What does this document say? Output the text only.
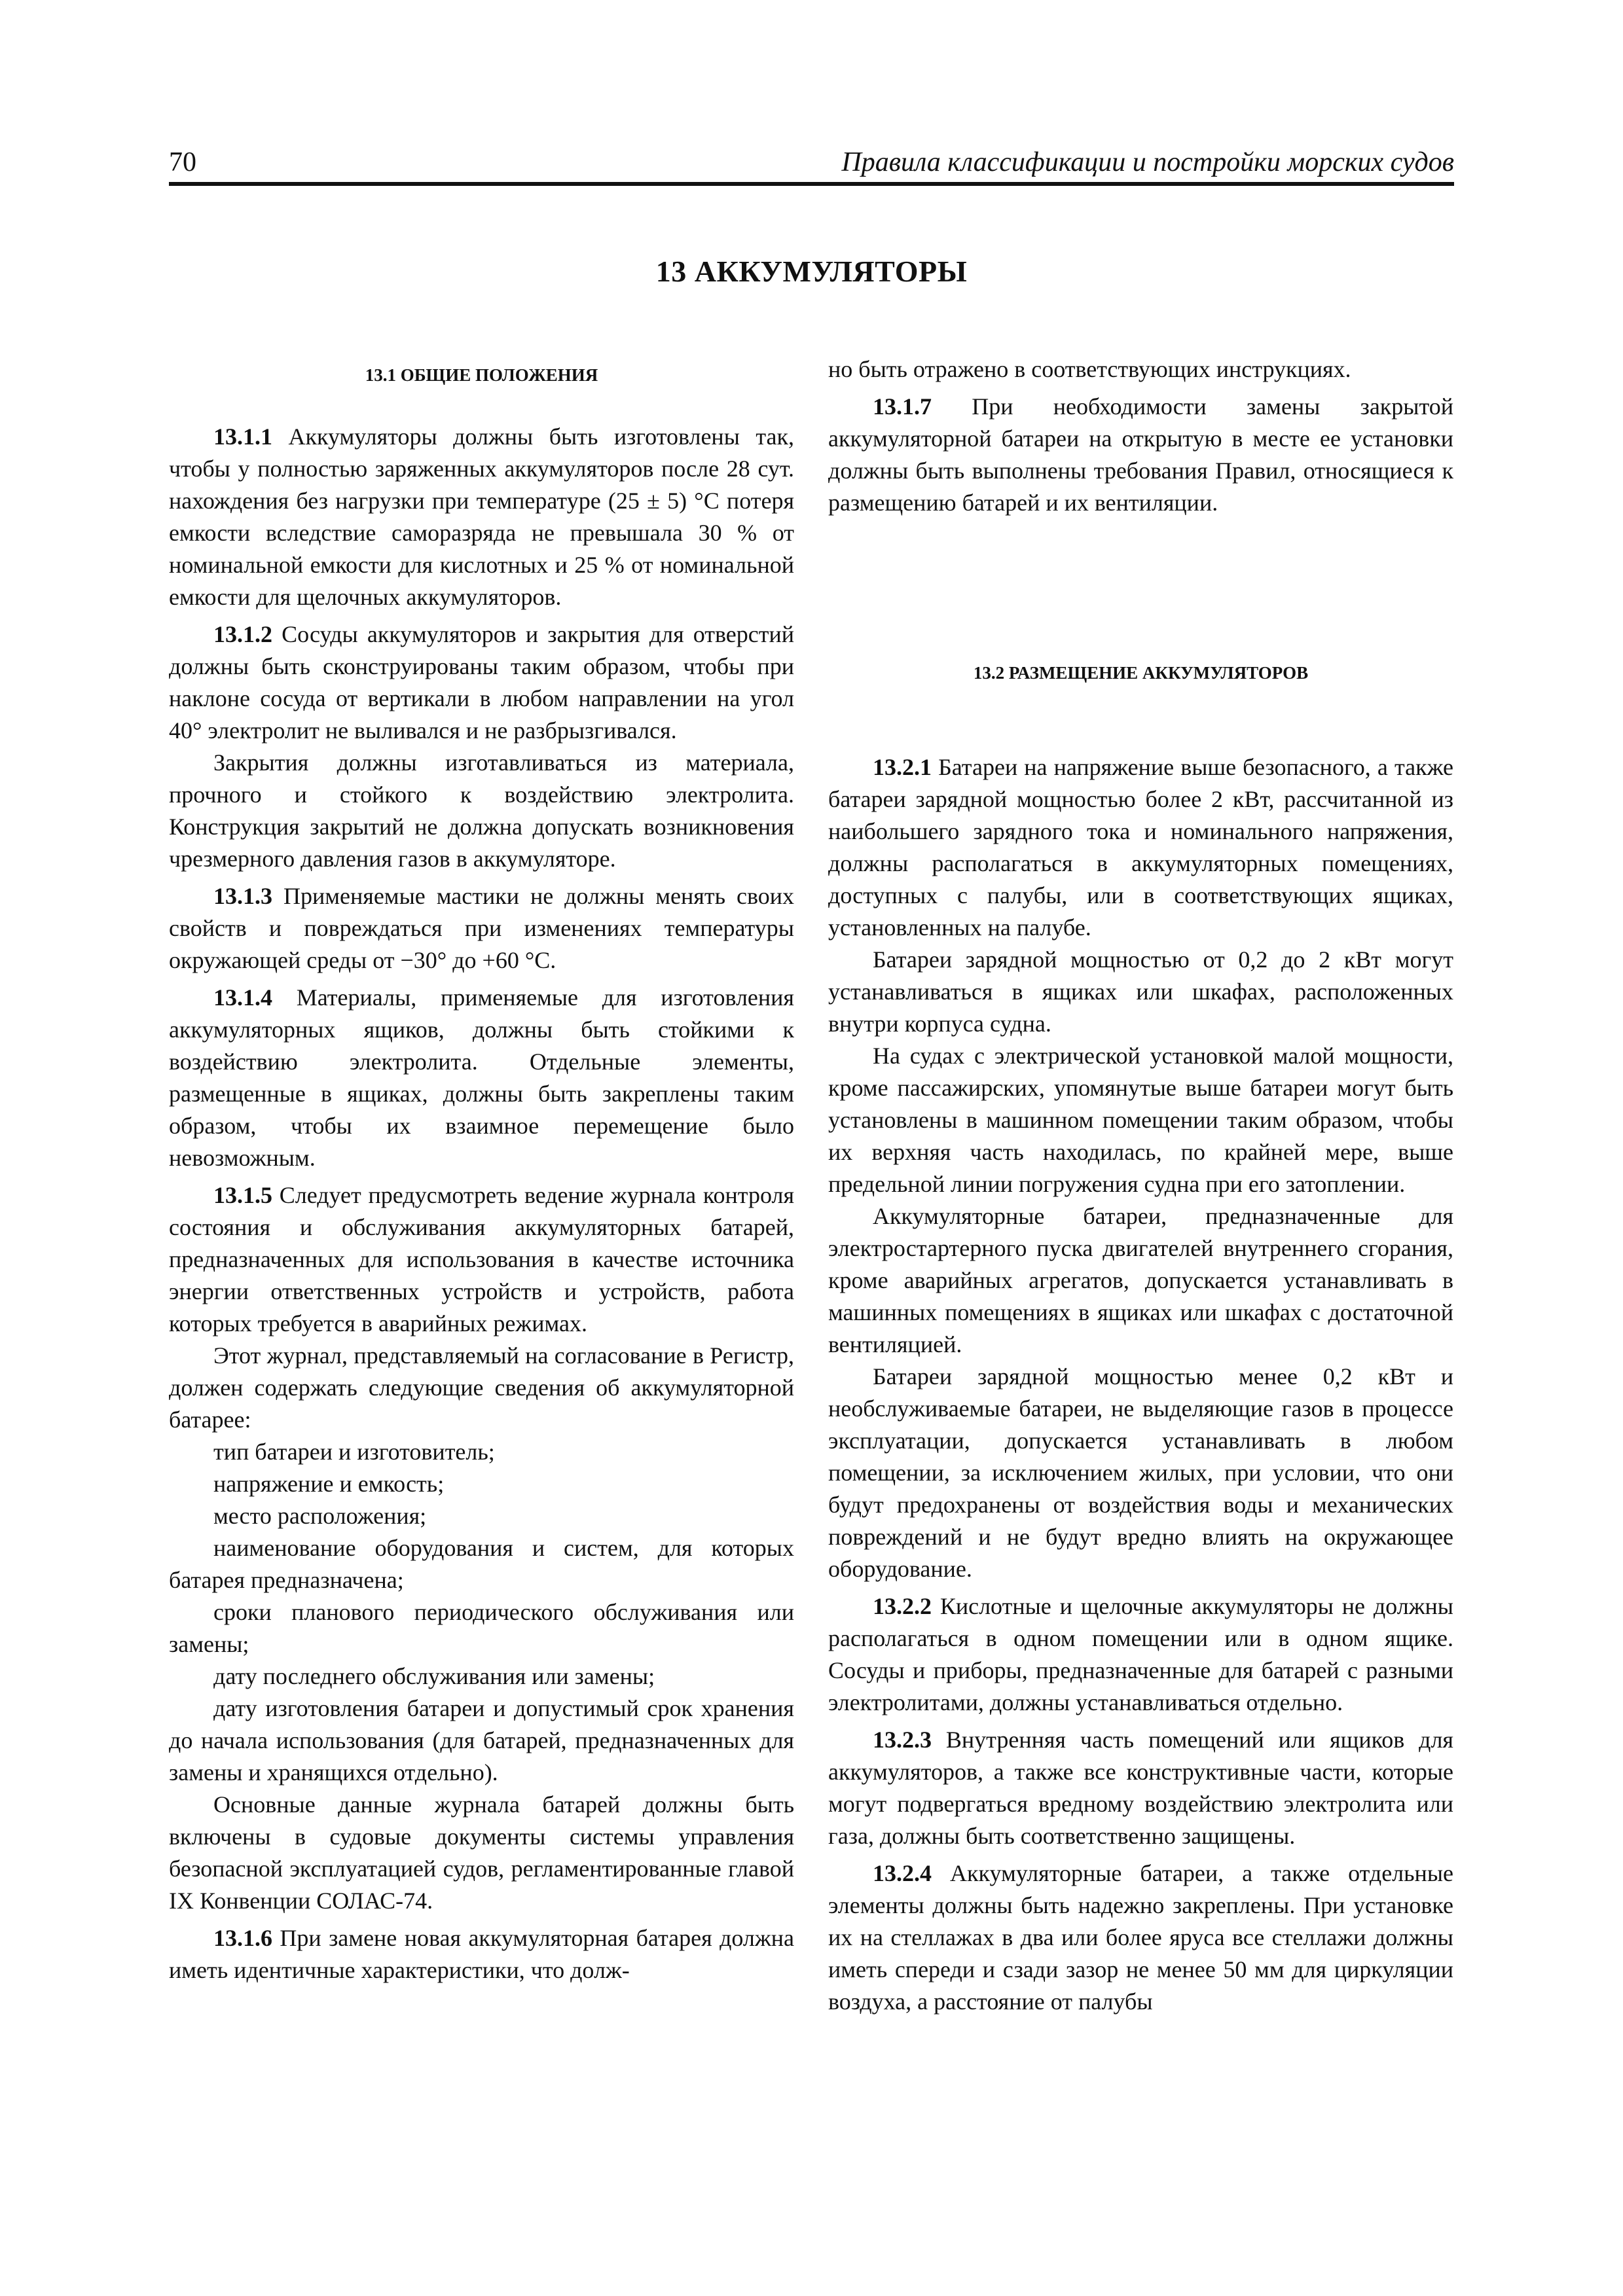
70	Правила классификации и постройки морских судов
13 АККУМУЛЯТОРЫ
13.1 ОБЩИЕ ПОЛОЖЕНИЯ

13.1.1 Аккумуляторы должны быть изготовлены так, чтобы у полностью заряженных аккумуляторов после 28 сут. нахождения без нагрузки при температуре (25 ± 5) °С потеря емкости вследствие саморазряда не превышала 30 % от номинальной емкости для кислотных и 25 % от номинальной емкости для щелочных аккумуляторов.

13.1.2 Сосуды аккумуляторов и закрытия для отверстий должны быть сконструированы таким образом, чтобы при наклоне сосуда от вертикали в любом направлении на угол 40° электролит не выливался и не разбрызгивался.

Закрытия должны изготавливаться из материала, прочного и стойкого к воздействию электролита. Конструкция закрытий не должна допускать возникновения чрезмерного давления газов в аккумуляторе.

13.1.3 Применяемые мастики не должны менять своих свойств и повреждаться при изменениях температуры окружающей среды от −30° до +60 °С.

13.1.4 Материалы, применяемые для изготовления аккумуляторных ящиков, должны быть стойкими к воздействию электролита. Отдельные элементы, размещенные в ящиках, должны быть закреплены таким образом, чтобы их взаимное перемещение было невозможным.

13.1.5 Следует предусмотреть ведение журнала контроля состояния и обслуживания аккумуляторных батарей, предназначенных для использования в качестве источника энергии ответственных устройств и устройств, работа которых требуется в аварийных режимах.

Этот журнал, представляемый на согласование в Регистр, должен содержать следующие сведения об аккумуляторной батарее:

тип батареи и изготовитель;

напряжение и емкость;

место расположения;

наименование оборудования и систем, для которых батарея предназначена;

сроки планового периодического обслуживания или замены;

дату последнего обслуживания или замены;

дату изготовления батареи и допустимый срок хранения до начала использования (для батарей, предназначенных для замены и хранящихся отдельно).

Основные данные журнала батарей должны быть включены в судовые документы системы управления безопасной эксплуатацией судов, регламентированные главой IX Конвенции СОЛАС-74.

13.1.6 При замене новая аккумуляторная батарея должна иметь идентичные характеристики, что долж-

но быть отражено в соответствующих инструкциях.

13.1.7 При необходимости замены закрытой аккумуляторной батареи на открытую в месте ее установки должны быть выполнены требования Правил, относящиеся к размещению батарей и их вентиляции.

13.2 РАЗМЕЩЕНИЕ АККУМУЛЯТОРОВ

13.2.1 Батареи на напряжение выше безопасного, а также батареи зарядной мощностью более 2 кВт, рассчитанной из наибольшего зарядного тока и номинального напряжения, должны располагаться в аккумуляторных помещениях, доступных с палубы, или в соответствующих ящиках, установленных на палубе.

Батареи зарядной мощностью от 0,2 до 2 кВт могут устанавливаться в ящиках или шкафах, расположенных внутри корпуса судна.

На судах с электрической установкой малой мощности, кроме пассажирских, упомянутые выше батареи могут быть установлены в машинном помещении таким образом, чтобы их верхняя часть находилась, по крайней мере, выше предельной линии погружения судна при его затоплении.

Аккумуляторные батареи, предназначенные для электростартерного пуска двигателей внутреннего сгорания, кроме аварийных агрегатов, допускается устанавливать в машинных помещениях в ящиках или шкафах с достаточной вентиляцией.

Батареи зарядной мощностью менее 0,2 кВт и необслуживаемые батареи, не выделяющие газов в процессе эксплуатации, допускается устанавливать в любом помещении, за исключением жилых, при условии, что они будут предохранены от воздействия воды и механических повреждений и не будут вредно влиять на окружающее оборудование.

13.2.2 Кислотные и щелочные аккумуляторы не должны располагаться в одном помещении или в одном ящике. Сосуды и приборы, предназначенные для батарей с разными электролитами, должны устанавливаться отдельно.

13.2.3 Внутренняя часть помещений или ящиков для аккумуляторов, а также все конструктивные части, которые могут подвергаться вредному воздействию электролита или газа, должны быть соответственно защищены.

13.2.4 Аккумуляторные батареи, а также отдельные элементы должны быть надежно закреплены. При установке их на стеллажах в два или более яруса все стеллажи должны иметь спереди и сзади зазор не менее 50 мм для циркуляции воздуха, а расстояние от палубы
